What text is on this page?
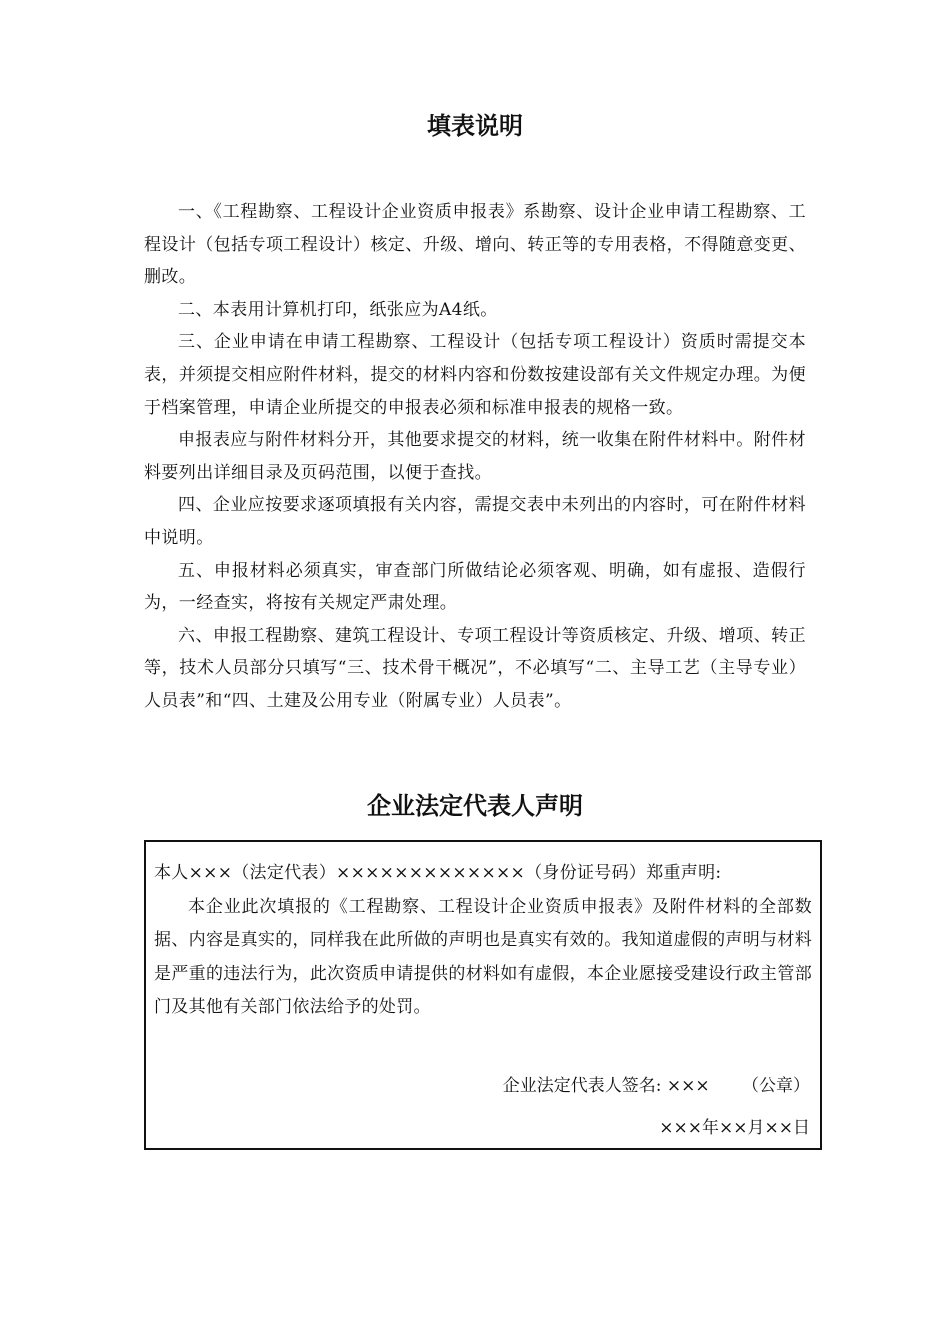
填表说明

一、《工程勘察、工程设计企业资质申报表》系勘察、设计企业申请工程勘察、工程设计（包括专项工程设计）核定、升级、增向、转正等的专用表格，不得随意变更、删改。

二、本表用计算机打印，纸张应为A4纸。

三、企业申请在申请工程勘察、工程设计（包括专项工程设计）资质时需提交本表，并须提交相应附件材料，提交的材料内容和份数按建设部有关文件规定办理。为便于档案管理，申请企业所提交的申报表必须和标准申报表的规格一致。

申报表应与附件材料分开，其他要求提交的材料，统一收集在附件材料中。附件材料要列出详细目录及页码范围，以便于查找。

四、企业应按要求逐项填报有关内容，需提交表中未列出的内容时，可在附件材料中说明。

五、申报材料必须真实，审查部门所做结论必须客观、明确，如有虚报、造假行为，一经查实，将按有关规定严肃处理。

六、申报工程勘察、建筑工程设计、专项工程设计等资质核定、升级、增项、转正等，技术人员部分只填写“三、技术骨干概况”，不必填写“二、主导工艺（主导专业）人员表”和“四、土建及公用专业（附属专业）人员表”。

企业法定代表人声明

本人×××（法定代表）×××××××××××××（身份证号码）郑重声明:

本企业此次填报的《工程勘察、工程设计企业资质申报表》及附件材料的全部数据、内容是真实的，同样我在此所做的声明也是真实有效的。我知道虚假的声明与材料是严重的违法行为，此次资质申请提供的材料如有虚假，本企业愿接受建设行政主管部门及其他有关部门依法给予的处罚。

企业法定代表人签名: ×××      （公章）
×××年××月××日
